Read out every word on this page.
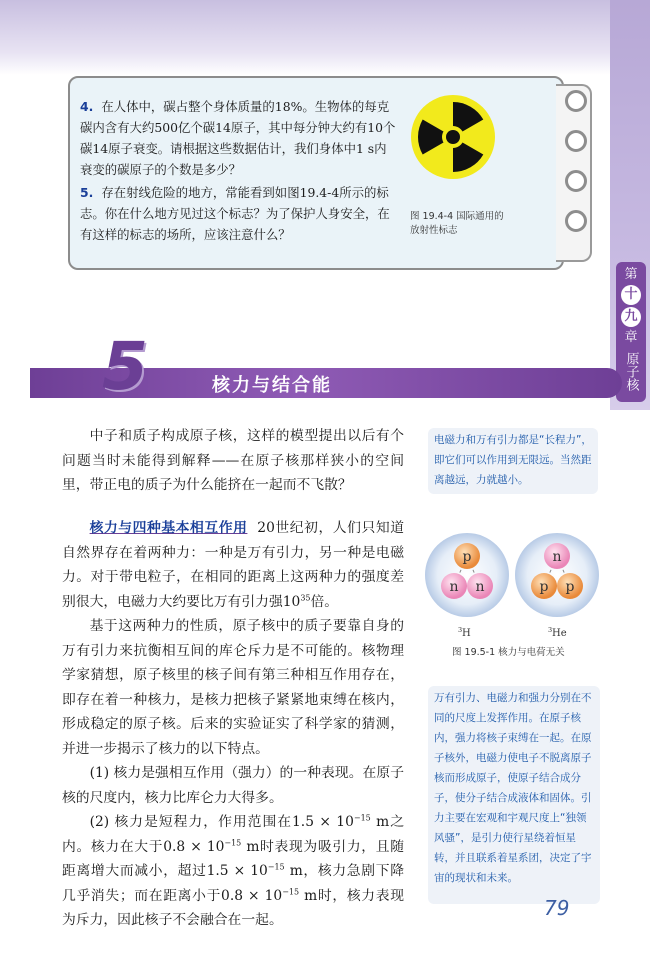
第
十
九
章 原子核
4. 在人体中，碳占整个身体质量的18%。生物体的每克碳内含有大约500亿个碳14原子，其中每分钟大约有10个碳14原子衰变。请根据这些数据估计，我们身体中1 s内衰变的碳原子的个数是多少？
5. 存在射线危险的地方，常能看到如图19.4-4所示的标志。你在什么地方见过这个标志？为了保护人身安全，在有这样的标志的场所，应该注意什么？
图 19.4-4 国际通用的
放射性标志
5	核力与结合能

中子和质子构成原子核，这样的模型提出以后有个问题当时未能得到解释——在原子核那样狭小的空间里，带正电的质子为什么能挤在一起而不飞散？

核力与四种基本相互作用 20世纪初，人们只知道自然界存在着两种力：一种是万有引力，另一种是电磁力。对于带电粒子，在相同的距离上这两种力的强度差别很大，电磁力大约要比万有引力强$10^{35}$倍。

基于这两种力的性质，原子核中的质子要靠自身的万有引力来抗衡相互间的库仑斥力是不可能的。核物理学家猜想，原子核里的核子间有第三种相互作用存在，即存在着一种核力，是核力把核子紧紧地束缚在核内，形成稳定的原子核。后来的实验证实了科学家的猜测，并进一步揭示了核力的以下特点。

(1) 核力是强相互作用（强力）的一种表现。在原子核的尺度内，核力比库仑力大得多。

(2) 核力是短程力，作用范围在$1.5 \times 10^{-15}$ m之内。核力在大于$0.8 \times 10^{-15}$ m时表现为吸引力，且随距离增大而减小，超过$1.5 \times 10^{-15}$ m，核力急剧下降几乎消失；而在距离小于$0.8 \times 10^{-15}$ m时，核力表现为斥力，因此核子不会融合在一起。

电磁力和万有引力都是“长程力”，即它们可以作用到无限远。当然距离越远，力就越小。
p
n n
n
p p
3 H	3 He
图 19.5-1 核力与电荷无关
万有引力、电磁力和强力分别在不同的尺度上发挥作用。在原子核内，强力将核子束缚在一起。在原子核外，电磁力使电子不脱离原子核而形成原子，使原子结合成分子，使分子结合成液体和固体。引力主要在宏观和宇观尺度上“独领风骚”，是引力使行星绕着恒星转，并且联系着星系团，决定了宇宙的现状和未来。
79
